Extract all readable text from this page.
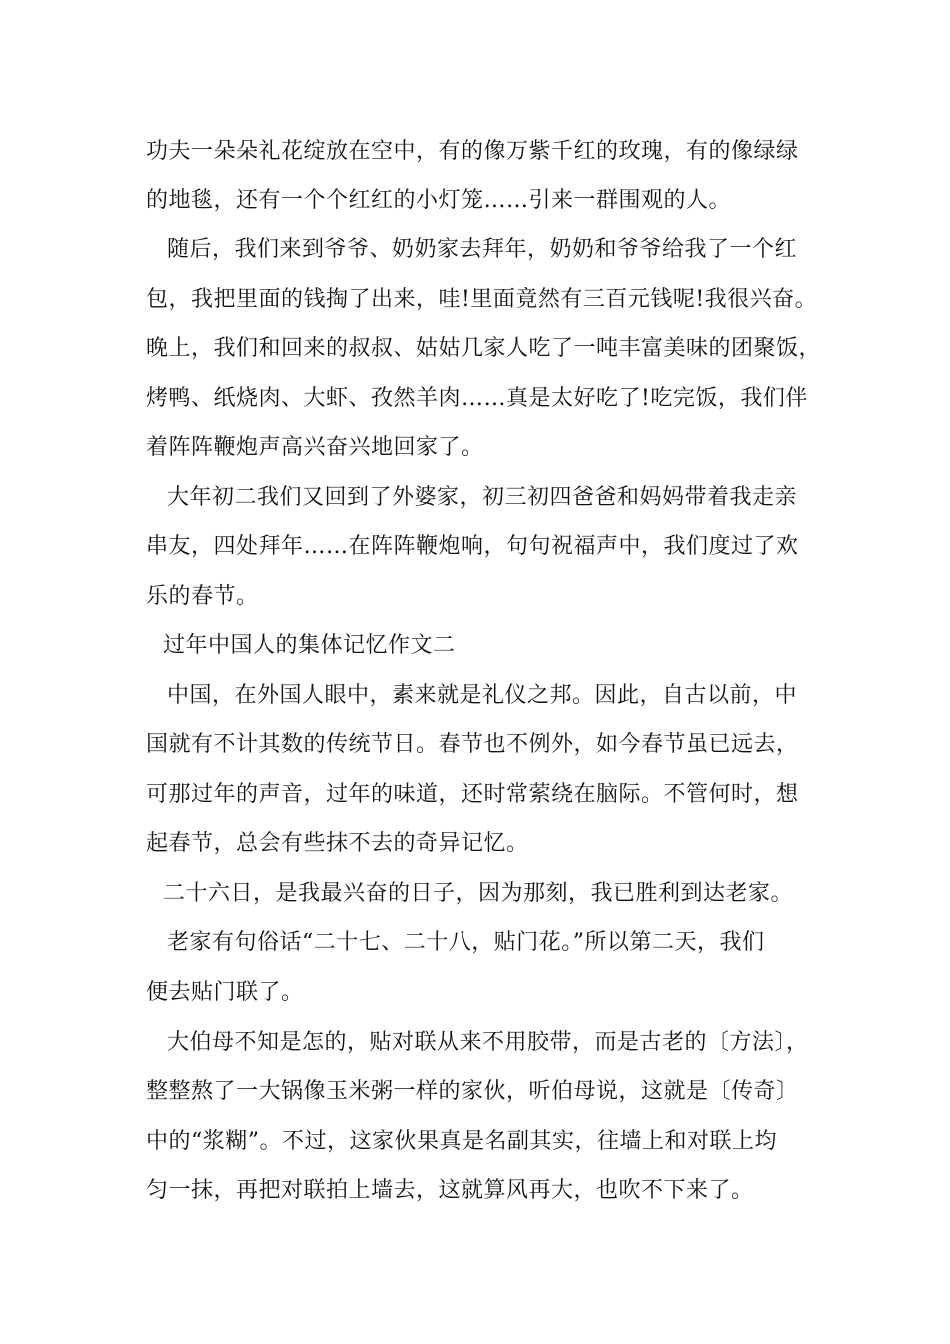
功夫一朵朵礼花绽放在空中，有的像万紫千红的玫瑰，有的像绿绿
的地毯，还有一个个红红的小灯笼……引来一群围观的人。
随后，我们来到爷爷、奶奶家去拜年，奶奶和爷爷给我了一个红
包，我把里面的钱掏了出来，哇!里面竟然有三百元钱呢!我很兴奋。
晚上，我们和回来的叔叔、姑姑几家人吃了一吨丰富美味的团聚饭，
烤鸭、纸烧肉、大虾、孜然羊肉……真是太好吃了!吃完饭，我们伴
着阵阵鞭炮声高兴奋兴地回家了。
大年初二我们又回到了外婆家，初三初四爸爸和妈妈带着我走亲
串友，四处拜年……在阵阵鞭炮响，句句祝福声中，我们度过了欢
乐的春节。
过年中国人的集体记忆作文二
中国，在外国人眼中，素来就是礼仪之邦。因此，自古以前，中
国就有不计其数的传统节日。春节也不例外，如今春节虽已远去，
可那过年的声音，过年的味道，还时常萦绕在脑际。不管何时，想
起春节，总会有些抹不去的奇异记忆。
二十六日，是我最兴奋的日子，因为那刻，我已胜利到达老家。
老家有句俗话“二十七、二十八，贴门花。”所以第二天，我们
便去贴门联了。
大伯母不知是怎的，贴对联从来不用胶带，而是古老的〔方法〕，
整整熬了一大锅像玉米粥一样的家伙，听伯母说，这就是〔传奇〕
中的“浆糊”。不过，这家伙果真是名副其实，往墙上和对联上均
匀一抹，再把对联拍上墙去，这就算风再大，也吹不下来了。
